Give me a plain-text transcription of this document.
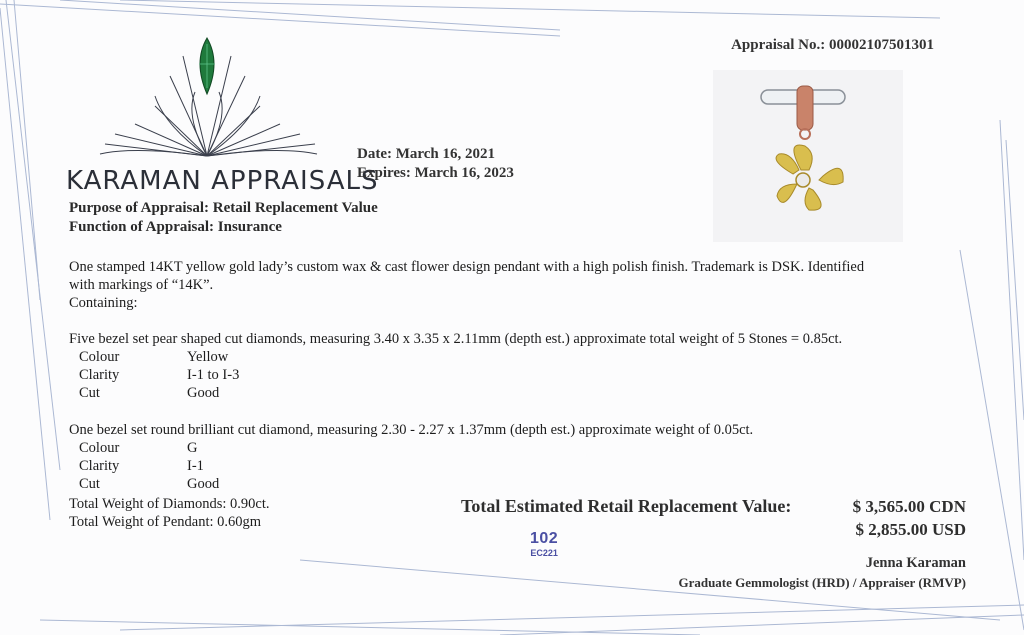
KARAMAN APPRAISALS
Appraisal No.: 00002107501301
Date: March 16, 2021
Expires: March 16, 2023
Purpose of Appraisal: Retail Replacement Value
Function of Appraisal: Insurance
One stamped 14KT yellow gold lady’s custom wax & cast flower design pendant with a high polish finish. Trademark is DSK. Identified
with markings of “14K”.
Containing:
Five bezel set pear shaped cut diamonds, measuring 3.40 x 3.35 x 2.11mm (depth est.) approximate total weight of 5 Stones = 0.85ct.
Colour	Yellow
Clarity	I-1 to I-3
Cut	Good
One bezel set round brilliant cut diamond, measuring 2.30 - 2.27 x 1.37mm (depth est.) approximate weight of 0.05ct.
Colour	G
Clarity	I-1
Cut	Good
Total Weight of Diamonds: 0.90ct.
Total Weight of Pendant: 0.60gm
Total Estimated Retail Replacement Value:	$ 3,565.00 CDN
$ 2,855.00 USD
102
EC221
Jenna Karaman
Graduate Gemmologist (HRD) / Appraiser (RMVP)
